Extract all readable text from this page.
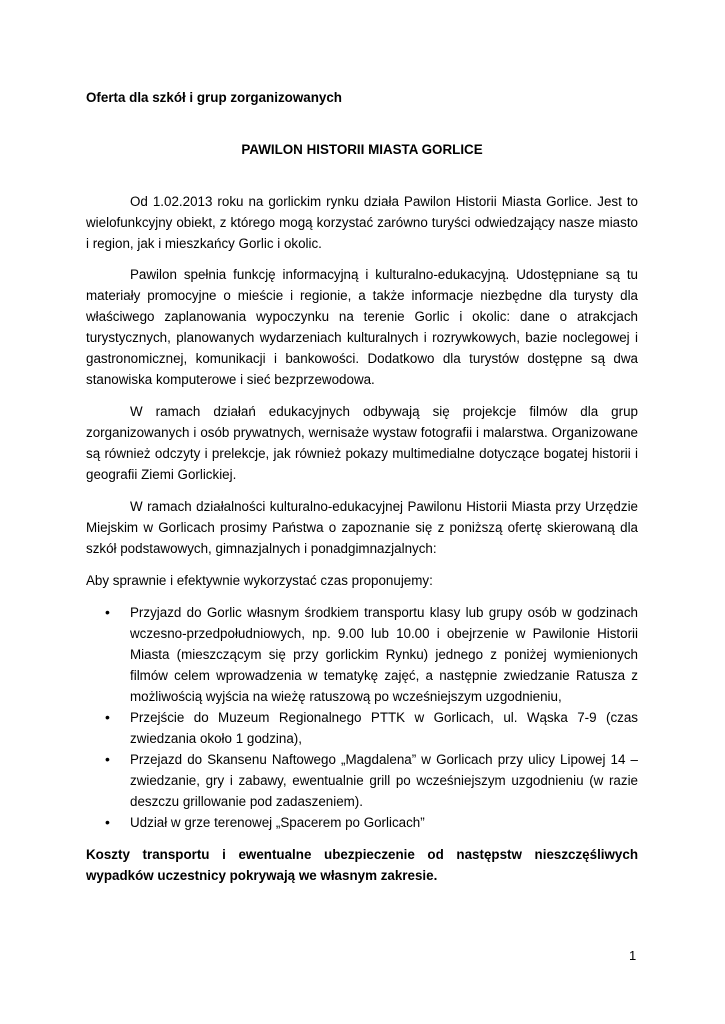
Oferta dla szkół i grup zorganizowanych

PAWILON HISTORII MIASTA GORLICE

Od 1.02.2013 roku na gorlickim rynku działa Pawilon Historii Miasta Gorlice. Jest to wielofunkcyjny obiekt, z którego mogą korzystać zarówno turyści odwiedzający nasze miasto i region, jak i mieszkańcy Gorlic i okolic.

Pawilon spełnia funkcję informacyjną i kulturalno-edukacyjną. Udostępniane są tu materiały promocyjne o mieście i regionie, a także informacje niezbędne dla turysty dla właściwego zaplanowania wypoczynku na terenie Gorlic i okolic: dane o atrakcjach turystycznych, planowanych wydarzeniach kulturalnych i rozrywkowych, bazie noclegowej i gastronomicznej, komunikacji i bankowości. Dodatkowo dla turystów dostępne są dwa stanowiska komputerowe i sieć bezprzewodowa.

W ramach działań edukacyjnych odbywają się projekcje filmów dla grup zorganizowanych i osób prywatnych, wernisaże wystaw fotografii i malarstwa. Organizowane są również odczyty i prelekcje, jak również pokazy multimedialne dotyczące bogatej historii i geografii Ziemi Gorlickiej.

W ramach działalności kulturalno-edukacyjnej Pawilonu Historii Miasta przy Urzędzie Miejskim w Gorlicach prosimy Państwa o zapoznanie się z poniższą ofertę skierowaną dla szkół podstawowych, gimnazjalnych i ponadgimnazjalnych:

Aby sprawnie i efektywnie wykorzystać czas proponujemy:

• Przyjazd do Gorlic własnym środkiem transportu klasy lub grupy osób w godzinach wczesno-przedpołudniowych, np. 9.00 lub 10.00 i obejrzenie w Pawilonie Historii Miasta (mieszczącym się przy gorlickim Rynku) jednego z poniżej wymienionych filmów celem wprowadzenia w tematykę zajęć, a następnie zwiedzanie Ratusza z możliwością wyjścia na wieżę ratuszową po wcześniejszym uzgodnieniu,
• Przejście do Muzeum Regionalnego PTTK w Gorlicach, ul. Wąska 7-9 (czas zwiedzania około 1 godzina),
• Przejazd do Skansenu Naftowego „Magdalena” w Gorlicach przy ulicy Lipowej 14 – zwiedzanie, gry i zabawy, ewentualnie grill po wcześniejszym uzgodnieniu (w razie deszczu grillowanie pod zadaszeniem).
• Udział w grze terenowej „Spacerem po Gorlicach”

Koszty transportu i ewentualne ubezpieczenie od następstw nieszczęśliwych wypadków uczestnicy pokrywają we własnym zakresie.

1
